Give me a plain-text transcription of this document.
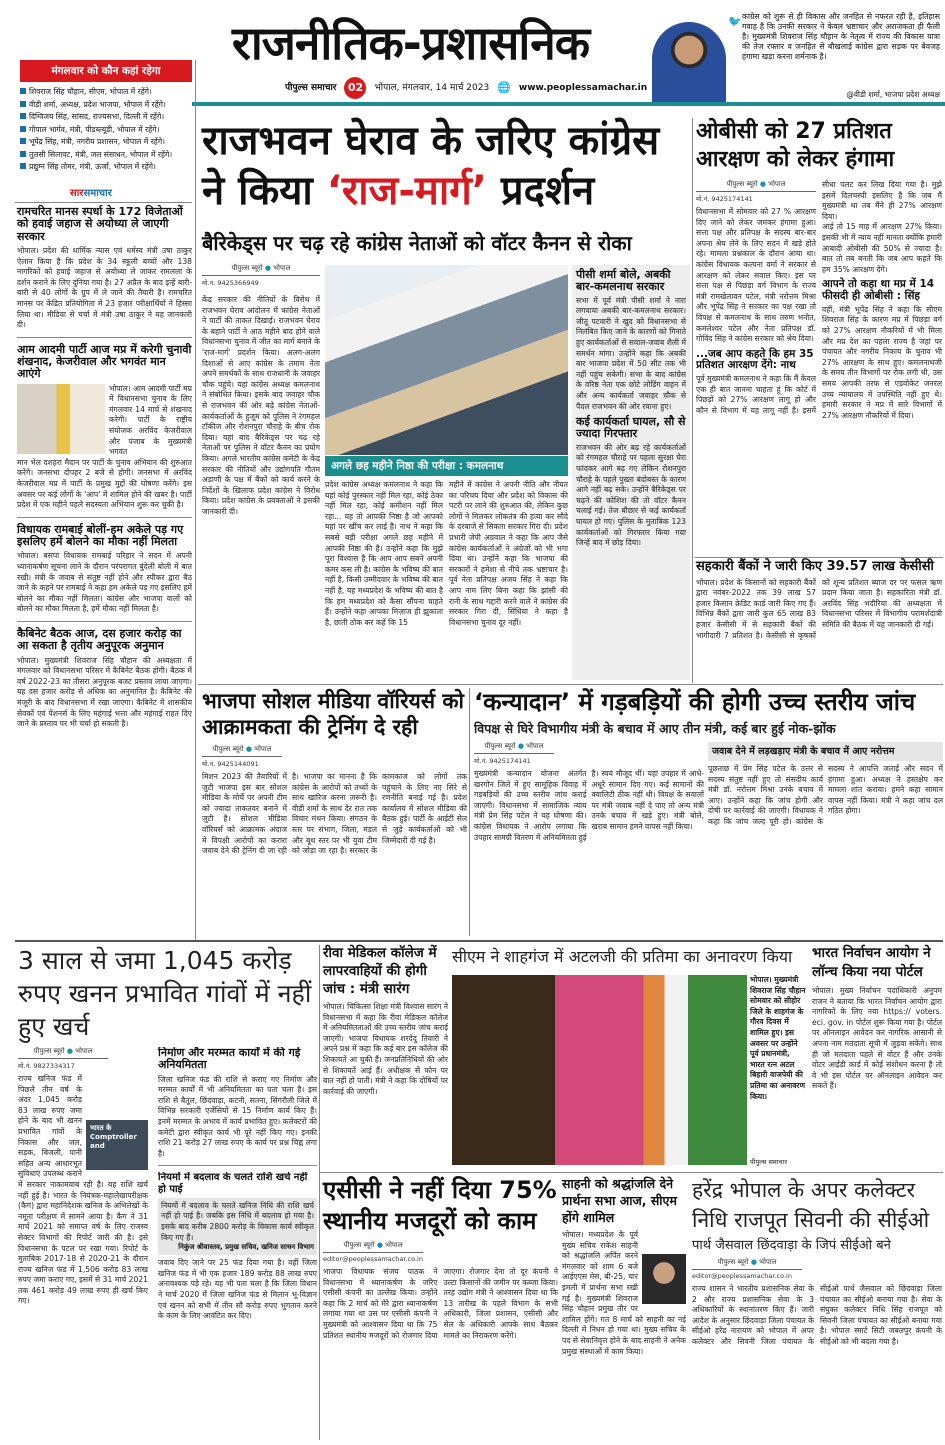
राजनीतिक-प्रशासनिक
पीपुल्स समाचार	02	भोपाल, मंगलवार, 14 मार्च 2023 🌐 www.peoplessamachar.in
🐦 कांग्रेस को शुरू से ही विकास और जनहित से नफरत रही है, इतिहास गवाह है कि उनकी सरकार ने केवल भ्रष्टाचार और अराजकता ही फैली है। मुख्यमंत्री शिवराज सिंह चौहान के नेतृत्व में राज्य की विकास यात्रा की तेज रफ्तार व जनहित से बौखलाई कांग्रेस द्वारा सड़क पर बेवजह हंगामा खड़ा करना शर्मनाक है।
@वीडी शर्मा, भाजपा प्रदेश अध्यक्ष
मंगलवार को कौन कहां रहेगा
शिवराज सिंह चौहान, सीएम, भोपाल में रहेंगे।
वीडी शर्मा, अध्यक्ष, प्रदेश भाजपा, भोपाल में रहेंगे।
दिग्विजय सिंह, सांसद, राज्यसभा, दिल्ली में रहेंगे।
गोपाल भार्गव, मंत्री, पीडब्ल्यूडी, भोपाल में रहेंगे।
भूपेंद्र सिंह, मंत्री, नगरीय प्रशासन, भोपाल में रहेंगे।
तुलसी सिलावट, मंत्री, जल संसाधन, भोपाल में रहेंगे।
प्रद्युम्न सिंह तोमर, मंत्री, ऊर्जा, भोपाल में रहेंगे।
सारसमाचार
रामचरित मानस स्पर्धा के 172 विजेताओं को हवाई जहाज से अयोध्या ले जाएगी सरकार
भोपाल। प्रदेश की धार्मिक न्यास एवं धर्मस्व मंत्री उषा ठाकुर ऐलान किया है कि प्रदेश के 34 स्कूली बच्चों और 138 नागरिकों को हवाई जहाज से अयोध्या ले जाकर रामलला के दर्शन कराने के लिए दुनिया गया है। 27 अप्रैल के बाद इन्हें बारी-बारी से 40 लोगों के ग्रुप में ले जाने की तैयारी है। रामचरित मानस पर केंद्रित प्रतियोगिता में 23 हजार परीक्षार्थियों ने हिस्सा लिया था। मीडिया से चर्चा में मंत्री उषा ठाकुर ने यह जानकारी दी।
आम आदमी पार्टी आज मप्र में करेगी चुनावी शंखनाद, केजरीवाल और भगवंत मान आएंगे
भोपाल। आम आदमी पार्टी मप्र में विधानसभा चुनाव के लिए मंगलवार 14 मार्च से शंखनाद करेगी। पार्टी के राष्ट्रीय संयोजक अरविंद केजरीवाल और पंजाब के मुख्यमंत्री भगवंत
मान भेल दशहरा मैदान पर पार्टी के चुनाव अभियान की शुरुआत करेंगे। जनसभा दोपहर 2 बजे से होगी। जनसभा में अरविंद केजरीवाल मप्र में पार्टी के प्रमुख मुद्दों की घोषणा करेंगे। इस अवसर पर कई लोगों के 'आप' में शामिल होने की खबर है। पार्टी प्रदेश में एक महीने पहले सदस्यता अभियान शुरू कर चुकी है।
विधायक रामबाई बोलीं-हम अकेले पड़ गए इसलिए हमें बोलने का मौका नहीं मिलता
भोपाल। बसपा विधायक रामबाई परिहार ने सदन में अपनी ध्यानाकर्षण सूचना लाने के दौरान परंपरागत बुंदेली बोली में बात रखी। मंत्री के जवाब से संतुष्ट नहीं होने और स्पीकर द्वारा बैठ जाने के कहने पर रामबाई ने कहा हम अकेले पड़ गए इसलिए हमें बोलने का मौका नहीं मिलता। कांग्रेस और भाजपा वालों को बोलने का मौका मिलता है, हमें मौका नहीं मिलता है।
कैबिनेट बैठक आज, दस हजार करोड़ का आ सकता है तृतीय अनुपूरक अनुमान
भोपाल। मुख्यमंत्री शिवराज सिंह चौहान की अध्यक्षता में मंगलवार को विधानसभा परिसर में कैबिनेट बैठक होगी। बैठक में वर्ष 2022-23 का तीसरा अनुपूरक बजट प्रस्ताव लाया जाएगा। यह दस हजार करोड़ से अधिक का अनुमानित है। कैबिनेट की मंजूरी के बाद विधानसभा में रखा जाएगा। कैबिनेट में शासकीय सेवकों एवं पेंशनर्स के लिए महंगाई भत्ता और महंगाई राहत दिए जाने के प्रस्ताव पर भी चर्चा हो सकती है।
राजभवन घेराव के जरिए कांग्रेस
ने किया ‘राज-मार्ग’ प्रदर्शन
बैरिकेड्स पर चढ़ रहे कांग्रेस नेताओं को वॉटर कैनन से रोका
पीपुल्स ब्यूरो ● भोपाल
मो.नं. 9425366949
केंद्र सरकार की नीतियों के विरोध में राजभवन घेराव आंदोलन में कांग्रेस नेताओं ने पार्टी की ताकत दिखाई। राजभवन घेराव के बहाने पार्टी ने आठ महीने बाद होने वाले विधानसभा चुनाव में जीत का मार्ग बनाने के 'राज-मार्ग' प्रदर्शन किया। अलग-अलग दिशाओं से आए कांग्रेस के तमाम नेता अपने समर्थकों के साथ राजधानी के जवाहर चौक पहुंचे। यहां कांग्रेस अध्यक्ष कमलनाथ ने संबोधित किया। इसके बाद जवाहर चौक से राजभवन की ओर बढ़े कांग्रेस नेताओं-कार्यकर्ताओं के हुजूम को पुलिस ने रंगमहल टॉकीज और रोशनपुरा चौराहे के बीच रोक दिया। यहां बाद बैरिकेड्स पर चढ़ रहे नेताओं पर पुलिस ने वॉटर कैनन का प्रयोग किया। अगले भारतीय कांग्रेस कमेटी के केंद्र सरकार की नीतियों और उद्योगपति गौतम अडाणी के पक्ष में बैंकों को कार्य करने के निर्देशों के खिलाफ प्रदेश कांग्रेस ने विरोध किया। प्रदेश कांग्रेस के प्रवक्ताओं ने इसकी जानकारी दी।
अगले छह महीने निष्ठा की परीक्षा : कमलनाथ
प्रदेश कांग्रेस अध्यक्ष कमलनाथ ने कहा कि यहां कोई पुरस्कार नहीं मिल रहा, कोई ठेका नहीं मिल रहा, कोई कमीशन नहीं मिल रहा... यह तो आपकी निष्ठा है जो आपको यहां पर खींच कर लाई है। नाथ ने कहा कि सबसे बड़ी परीक्षा अगले छह महीने में आपकी निष्ठा की है। उन्होंने कहा कि मुझे पूरा विश्वास है कि आप आप सबने अपनी कमर कस ली है। कांग्रेस के भविष्य की बात नहीं है, किसी उम्मीदवार के भविष्य की बात नहीं है, यह मध्यप्रदेश के भविष्य की बात है कि हम मध्यप्रदेश को कैसा सौंपना चाहते हैं। उन्होंने कहा आपका मिज़ाज ही झुकाता है, छाती ठोक कर कहें कि 15
महीने में कांग्रेस ने अपनी नीति और नीयत का परिचय दिया और प्रदेश को विकास की पटरी पर लाने की शुरुआत की, लेकिन कुछ लोगों ने मिलकर लोकतंत्र की हत्या कर सौदे के दरवाजे से सिकाग़ सरकार गिरा दी। प्रदेश प्रभारी जेपी अग्रवाल ने कहा कि आप जैसे कांग्रेस कार्यकर्ताओं ने अंग्रेजों को भी भगा दिया था। उन्होंने कहा कि भाजपा की सरकारों ने हमेशा से नीचे तक भ्रष्टाचार है। पूर्व नेता प्रतिपक्ष अजय सिंह ने कहा कि आप नाम लिए बिना कहा कि झांसी की रानी के साथ गद्दारी करने वाले ने कांग्रेस की सरकार गिरा दी, सिंधिया ने कहा है विधानसभा चुनाव दूर नहीं।
पीसी शर्मा बोले, अबकी बार-कमलनाथ सरकार
सभा में पूर्व मंत्री पीसी शर्मा ने नारा लगवाया अबकी बार-कमलनाथ सरकार। जीतू पटवारी ने खुद को विधानसभा से निलंबित किए जाने के कारणों को गिनाते हुए कार्यकर्ताओं से सवाल-जवाब शैली में समर्थन मांगा। उन्होंने कहा कि अबकी बार भाजपा प्रदेश में 50 सीट तक भी नहीं पहुंच सकेगी। सभा के बाद कांग्रेस के वरिष्ठ नेता एक छोटे लोडिंग वाहन में और अन्य कार्यकर्ता जवाहर चौक से पैदल राजभवन की ओर रवाना हुए।
कई कार्यकर्ता घायल, सौ से ज्यादा गिरफ्तार
राजभवन की ओर बढ़ रहे कार्यकर्ताओं को रंगमहल चौराहे पर पहला सुरक्षा घेरा फांदकर आगे बढ़ गए लेकिन रोशनपुरा चौराहे के पहले पुख्ता बंदोबस्त के कारण आगे नहीं बढ़ सके। उन्होंने बैरिकेड्स पर चढ़ने की कोशिश की तो वॉटर कैनन चलाई गई। तेज बौछार से कई कार्यकर्ता घायल हो गए। पुलिस के मुताबिक 123 कार्यकर्ताओं को गिरफ्तार किया गया जिन्हें बाद में छोड़ दिया।
ओबीसी को 27 प्रतिशत आरक्षण को लेकर हंगामा
पीपुल्स ब्यूरो ● भोपाल
मो.नं. 9425174141
विधानसभा में सोमवार को 27 % आरक्षण दिए जाने को लेकर जमकर हंगामा हुआ। सत्ता पक्ष और प्रतिपक्ष के सदस्य बार-बार अपना श्रेय लेने के लिए सदन में खड़े होते रहे। मामला प्रश्नकाल के दौरान आया था। कांग्रेस विधायक कल्पना वर्मा ने सरकार से आरक्षण को लेकर सवाल किए। इस पर सत्ता पक्ष से पिछड़ा वर्ग विभाग के राज्य मंत्री रामखेलावन पटेल, मंत्री नरोत्तम मिश्रा और भूपेंद्र सिंह ने सरकार का पक्ष रखा तो विपक्ष से कमलनाथ के साथ तरुण भनोत, कमलेश्वर पटेल और नेता प्रतिपक्ष डॉ. गोविंद सिंह ने कांग्रेस सरकार को श्रेय दिया।
...जब आप कहते कि हम 35 प्रतिशत आरक्षण देंगे: नाथ
पूर्व मुख्यमंत्री कमलनाथ ने कहा कि मैं केवल एक ही बात जानना चाहता हूं कि कोर्ट में पिछड़ों को 27% आरक्षण लागू हो और कौन से विभाग में यह लागू नहीं है। इसमें सीधा पलट कर लिख दिया गया है। मुझे इसमें दिलचस्पी इसलिए है कि जब मैं मुख्यमंत्री था तब मैंने ही 27% आरक्षण दिया।
आई तो 15 माह में आरक्षण 27% किया। इसकी भी में न्याय नहीं मानता क्योंकि हमारी आबादी ओबीसी की 50% से ज्यादा है। बात तो तब बनती कि जब आप कहते कि हम 35% आरक्षण देंगे।
आपने तो कहा था मप्र में 14 फीसदी ही ओबीसी : सिंह
वहीं, मंत्री भूपेंद्र सिंह ने कहा कि सीएम शिवराज सिंह के कारण मप्र में पिछड़ा वर्ग को 27% आरक्षण नौकरियों में भी मिला और मप्र देश का पहला राज्य है जहां पर पंचायत और नगरीय निकाय के चुनाव भी 27% आरक्षण के साथ हुए। कमलनाथजी के समय तीन विभागों पर रोक लगी थी, उस समय आपकी तरफ से एडवोकेट जनरल उच्च न्यायालय में उपस्थिति नहीं हुए थे। हमारी सरकार ने मप्र में सारे विभागों में 27% आरक्षण नौकरियों में दिया।
सहकारी बैंकों ने जारी किए 39.57 लाख केसीसी
भोपाल। प्रदेश के किसानों को सहकारी बैंकों द्वारा नवंबर-2022 तक 39 लाख 57 हजार किसान क्रेडिट कार्ड जारी किए गए हैं। विभिन्न बैंकों द्वारा जारी कुल 65 लाख 83 हजार केसीसी में से सहकारी बैंकों की भागीदारी 7 प्रतिशत है। केसीसी से कृषकों को शून्य प्रतिशत ब्याज दर पर फसल ऋण प्रदान किया जाता है। सहकारिता मंत्री डॉ. अरविंद सिंह भदौरिया की अध्यक्षता में विधानसभा परिसर में विभागीय परामर्शदात्री समिति की बैठक में यह जानकारी दी गई।
भाजपा सोशल मीडिया वॉरियर्स को आक्रामकता की ट्रेनिंग दे रही
पीपुल्स ब्यूरो ● भोपाल
मो.नं. 9425144091
मिशन 2023 की तैयारियों में जुटी भाजपा इस बार सोशल मीडिया के मोर्चे पर अपनी टीम को ज्यादा ताकतवर बनाने में जुटी है। सोशल मीडिया वॉरियर्स को आक्रामक अंदाज में विपक्षी आरोपों का करारा जवाब देने की ट्रेनिंग दी जा रही है। भाजपा का मानना है कि कांग्रेस के आरोपों को तथ्यों के साथ खारिज करना जरूरी है। वीडी शर्मा के साथ देर रात तक विचार मंथन किया। संगठन के स्तर पर संभाग, जिला, मंडल और बूथ स्तर पर भी युवा टीम को जोड़ा जा रहा है। सरकार के कामकाज को लोगों तक पहुंचाने के लिए नए सिरे से रणनीति बनाई गई है। प्रदेश कार्यालय में सोशल मीडिया की बैठक हुई। पार्टी के आईटी सेल से जुड़े कार्यकर्ताओं को भी जिम्मेदारी दी गई है।
‘कन्यादान’ में गड़बड़ियों की होगी उच्च स्तरीय जांच
विपक्ष से घिरे विभागीय मंत्री के बचाव में आए तीन मंत्री, कई बार हुई नोक-झोंक
पीपुल्स ब्यूरो ● भोपाल
मो.नं. 9425174141
मुख्यमंत्री कन्यादान योजना अंतर्गत खरगोन जिले में हुए सामूहिक विवाह में गड़बड़ियों की उच्च स्तरीय जांच कराई जाएगी। विधानसभा में सामाजिक न्याय मंत्री प्रेम सिंह पटेल ने यह घोषणा की। कांग्रेस विधायक ने आरोप लगाया कि उपहार सामग्री वितरण में अनियमितता हुई है। स्वयं मौजूद थीं। यहां उपहार में आधे-अधूरे सामान दिए गए। कई सामानों की क्वालिटी ठीक नहीं थी। विपक्ष के सवालों पर मंत्री जवाब नहीं दे पाए तो अन्य मंत्री उनके बचाव में खड़े हुए। मंत्री बोले, खराब सामान हमने वापस नहीं किया।
जवाब देने में लड़खड़ाए मंत्री के बचाव में आए नरोत्तम
पूछताछ में प्रेम सिंह पटेल के उत्तर से सदस्य संतुष्ट नहीं हुए तो संसदीय कार्य मंत्री डॉ. नरोत्तम मिश्रा उनके बचाव में आए। उन्होंने कहा कि जांच होगी और दोषी पर कार्रवाई की जाएगी। विधायक ने कहा कि जांच जल्द पूरी हो। कांग्रेस के सदस्य ने आपत्ति जताई और सदन में हंगामा हुआ। अध्यक्ष ने हस्तक्षेप कर मामला शांत कराया। हमने कहा सामान वापस नहीं किया। मंत्री ने कहा जांच दल गठित होगा।
3 साल से जमा 1,045 करोड़ रुपए खनन प्रभावित गांवों में नहीं हुए खर्च
पीपुल्स ब्यूरो ● भोपाल
मो.नं. 9827334317
भारत के Comptroller and
राज्य खनिज फंड में पिछले तीन वर्ष के अंदर 1,045 करोड़ 83 लाख रुपए जमा होने के बाद भी खनन प्रभावित गांवों के निकास और जल, सड़क, बिजली, पानी सहित अन्य आधारभूत सुविधाएं उपलब्ध कराने में सरकार नाकामयाब रही है। यह राशि खर्च नहीं हुई है। भारत के नियंत्रक-महालेखापरीक्षक (कैग) द्वारा महानिदेशक खनिज के अभिलेखों के नमूना परीक्षण में सामने आया है। कैग ने 31 मार्च 2021 को समाप्त वर्ष के लिए राजस्व सेक्टर विभागों की रिपोर्ट जारी की है। इसे विधानसभा के पटल पर रखा गया। रिपोर्ट के मुताबिक 2017-18 से 2020-21 के दौरान राज्य खनिज फंड में 1,506 करोड़ 83 लाख रुपए जमा कराए गए, इसमें से 31 मार्च 2021 तक 461 करोड़ 49 लाख रुपए ही खर्च किए गए।
निर्माण और मरम्मत कार्यों में की गई अनियमितता
जिला खनिज फंड की राशि से कराए गए निर्माण और मरम्मत कार्यों में भी अनियमितता का पता चला है। इस राशि से बैतूल, छिंदवाड़ा, कटनी, सतना, सिंगरौली जिले में विभिन्न सरकारी एजेंसियों से 15 निर्माण कार्य किए हैं। इनमें मरम्मत के अभाव में कार्य प्रभावित हुए। कलेक्टरों की कमेटी द्वारा स्वीकृत कार्य भी पूरे नहीं किए गए। इनकी राशि 21 करोड़ 27 लाख रुपए के कार्य पर प्रश्न चिह्न लगा है।
नियमों में बदलाव के चलते राशि खर्च नहीं हो पाई
नियमों में बदलाव के चलते खनिज निधि की राशि खर्च नहीं हो पाई है। जबकि इस निधि में बदलाव हो गया है। इसके बाद करीब 2800 करोड़ के विकास कार्य स्वीकृत किए गए हैं।
निकुंज श्रीवास्तव, प्रमुख सचिव, खनिज साधन विभाग
जवाब दिए जाने पर 25 फंड दिया गया है। वहीं जिला खनिज फंड में भी एक हजार 189 करोड़ 88 लाख रुपए अनावश्यक पड़े रहे। यह भी पता चला है कि जिला विधान ने मार्च 2020 में जिला खनिज फंड से मिलान भू-विज्ञान एवं खनन को सभी में तीन सौ करोड़ रुपए भुगतान करने के काम के लिए आवंटित कर दिए।
रीवा मेडिकल कॉलेज में लापरवाहियों की होगी जांच : मंत्री सारंग
भोपाल। चिकित्सा शिक्षा मंत्री विश्वास सारंग ने विधानसभा में कहा कि रीवा मेडिकल कॉलेज में अनियमितताओं की उच्च स्तरीय जांच कराई जाएगी। भाजपा विधायक शरदेंदु तिवारी ने अपने प्रश्न में कहा कि कई बार इस कॉलेज की शिकायतें आ चुकी हैं। जनप्रतिनिधियों की ओर से शिकायतें आई हैं। अधीक्षक से फोन पर बात नहीं हो पाती। मंत्री ने कहा कि दोषियों पर कार्रवाई की जाएगी।
सीएम ने शाहगंज में अटलजी की प्रतिमा का अनावरण किया
भोपाल। मुख्यमंत्री शिवराज सिंह चौहान सोमवार को सीहोर जिले के शाहगंज के गौरव दिवस में शामिल हुए। इस अवसर पर उन्होंने पूर्व प्रधानमंत्री, भारत रत्न अटल बिहारी वाजपेयी की प्रतिमा का अनावरण किया।
पीपुल्स समाचार
भारत निर्वाचन आयोग ने लॉन्च किया नया पोर्टल
भोपाल। मुख्य निर्वाचन पदाधिकारी अनुपम राजन ने बताया कि भारत निर्वाचन आयोग द्वारा नागरिकों के लिए नया https:// voters. eci. gov. in पोर्टल शुरू किया गया है। पोर्टल पर ऑनलाइन आवेदन कर नागरिक आसानी से अपना नाम मतदाता सूची में जुड़वा सकेंगे। साथ ही जो मतदाता पहले से वोटर हैं और उनके वोटर आईडी कार्ड में कोई संशोधन करना है तो वे भी इस पोर्टल पर ऑनलाइन आवेदन कर सकते हैं।
एसीसी ने नहीं दिया 75% स्थानीय मजदूरों को काम
पीपुल्स ब्यूरो ● भोपाल
editor@peoplessamachar.co.in
भाजपा विधायक संजय पाठक ने विधानसभा में ध्यानाकर्षण के जरिए एसीसी कंपनी का उल्लेख किया। उन्होंने कहा कि 2 मार्च को मेरे द्वारा ध्यानाकर्षण लगाया गया था उस पर एसीसी कंपनी ने मुख्यमंत्री को आश्वासन दिया था कि 75 प्रतिशत स्थानीय मजदूरों को रोजगार दिया जाएगा। रोजगार देना तो दूर कंपनी ने उल्टा किसानों की जमीन पर कब्जा किया। तरह उद्योग मंत्री ने आश्वासन दिया था कि 13 तारीख के पहले विभाग के सभी अधिकारी, जिला प्रशासन, एसीसी और सेल के अधिकारी आपके साथ बैठकर मामले का निराकरण करेंगे।
साहनी को श्रद्धांजलि देने प्रार्थना सभा आज, सीएम होंगे शामिल
भोपाल। मध्यप्रदेश के पूर्व मुख्य सचिव राकेश साहनी को श्रद्धांजलि अर्पित करने मंगलवार को शाम 6 बजे आईएएस मेस, बी-25, चार इमली में प्रार्थना सभा रखी गई है। मुख्यमंत्री शिवराज सिंह चौहान प्रमुख तौर पर शामिल होंगे। गत 8 मार्च को साहनी का नई दिल्ली में निधन हो गया था। मुख्य सचिव के पद से सेवानिवृत्त होने के बाद साहनी ने अनेक प्रमुख संस्थाओं में काम किया।
हरेंद्र भोपाल के अपर कलेक्टर निधि राजपूत सिवनी की सीईओ
पार्थ जैसवाल छिंदवाड़ा के जिपं सीईओ बने
पीपुल्स ब्यूरो ● भोपाल
editor@peoplessamachar.co.in
राज्य शासन ने भारतीय प्रशासनिक सेवा के 2 और राज्य प्रशासनिक सेवा के 3 अधिकारियों के स्थानांतरण किए हैं। जारी आदेश के अनुसार छिंदवाड़ा जिला पंचायत के सीईओ हरेंद्र नारायण को भोपाल में अपर कलेक्टर और सिवनी जिला पंचायत के सीईओ पार्थ जैसवाल को छिंदवाड़ा जिला पंचायत का सीईओ बनाया गया है। सेवा के संयुक्त कलेक्टर निधि सिंह राजपूत को सिवनी जिला पंचायत का सीईओ बनाया गया है। भोपाल स्मार्ट सिटी जबलपुर कंपनी के सीईओ को भी बदला गया है।
